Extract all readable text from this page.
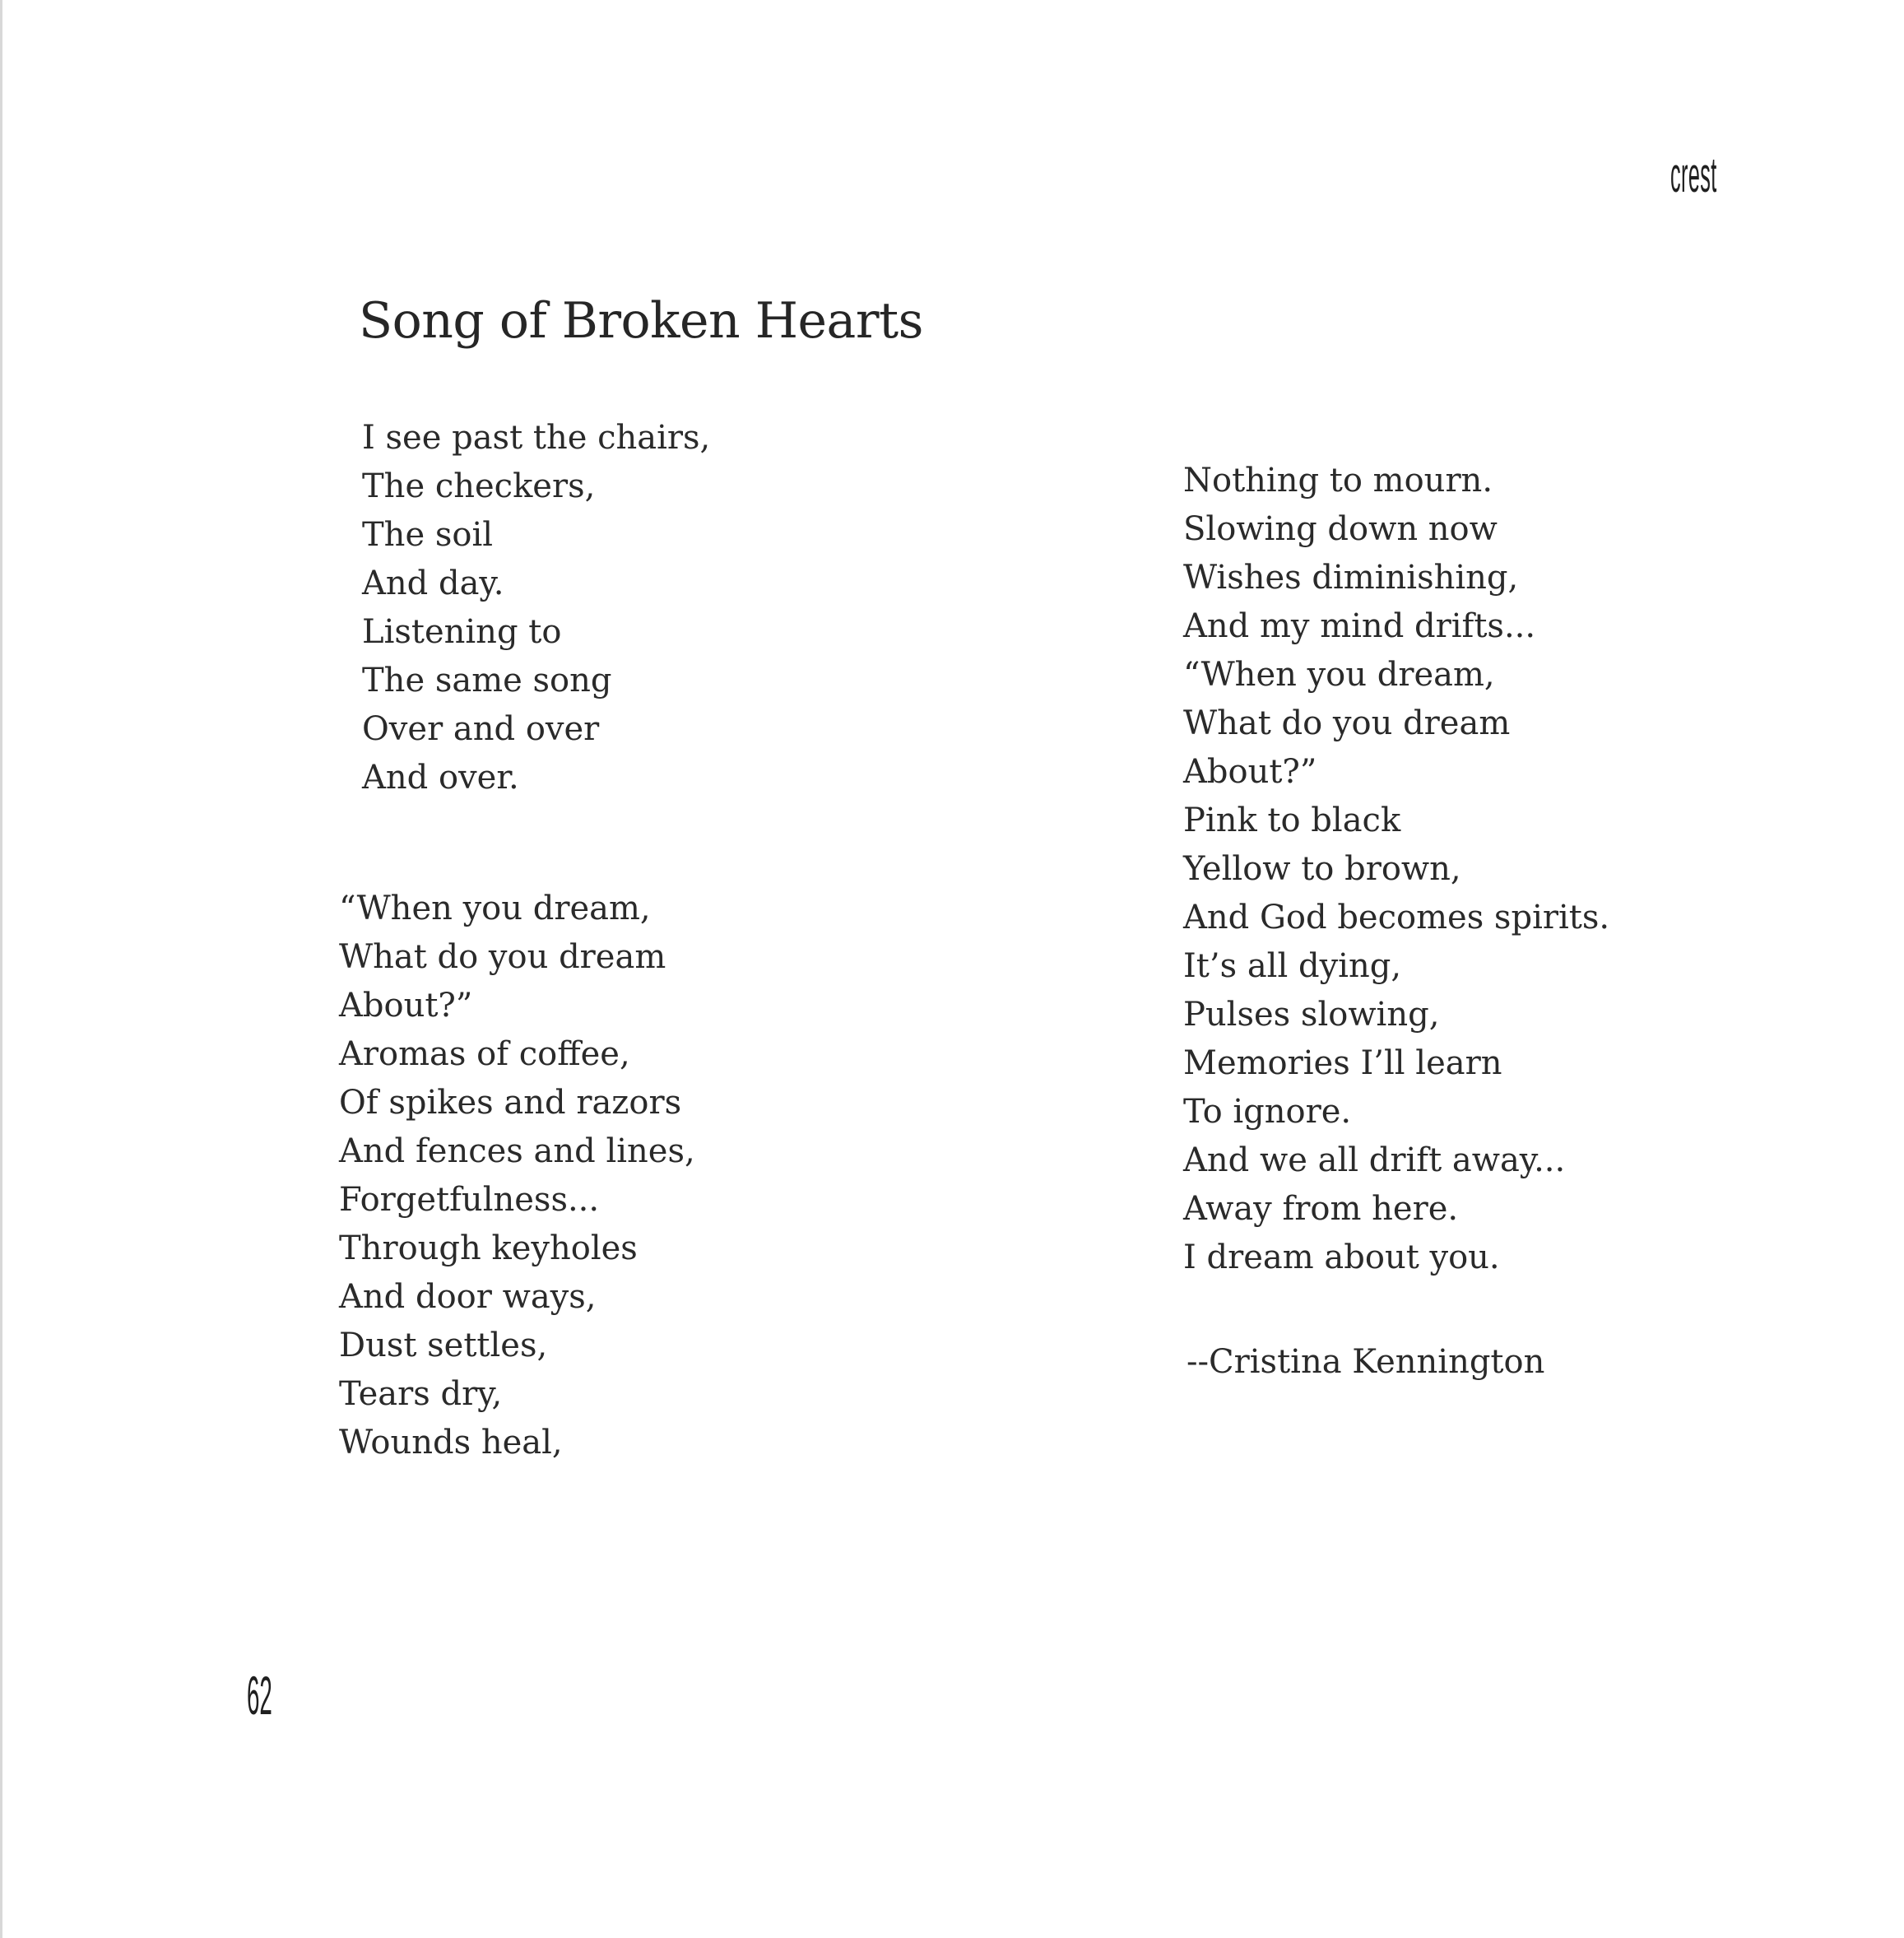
crest
Song of Broken Hearts
I see past the chairs,
The checkers,
The soil
And day.
Listening to
The same song
Over and over
And over.
“When you dream,
What do you dream
About?”
Aromas of coffee,
Of spikes and razors
And fences and lines,
Forgetfulness...
Through keyholes
And door ways,
Dust settles,
Tears dry,
Wounds heal,
Nothing to mourn.
Slowing down now
Wishes diminishing,
And my mind drifts...
“When you dream,
What do you dream
About?”
Pink to black
Yellow to brown,
And God becomes spirits.
It’s all dying,
Pulses slowing,
Memories I’ll learn
To ignore.
And we all drift away...
Away from here.
I dream about you.
--Cristina Kennington
62
